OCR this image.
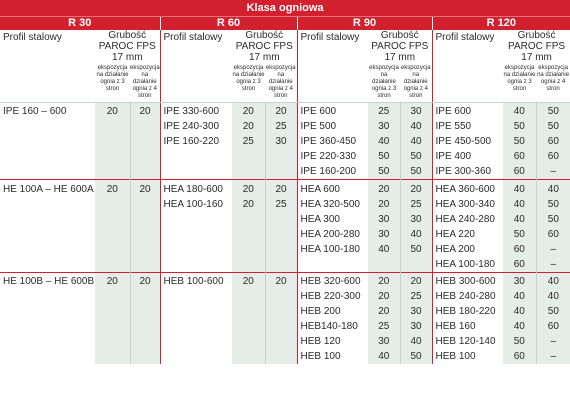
Klasa ogniowa											
R 30			R 60			R 90			R 120		
Profil stalowy	Grubość PAROC FPS 17 mm		Profil stalowy	Grubość PAROC FPS 17 mm		Profil stalowy	Grubość PAROC FPS 17 mm		Profil stalowy	Grubość PAROC FPS 17 mm	
	ekspozycja na działanie ognia z 3 stron	ekspozycja na działanie ognia z 4 stron		ekspozycja na działanie ognia z 3 stron	ekspozycja na działanie ognia z 4 stron		ekspozycja na działanie ognia z 3 stron	ekspozycja na działanie ognia z 4 stron		ekspozycja na działanie ognia z 3 stron	ekspozycja na działanie ognia z 4 stron

IPE 160 – 600	20	20	IPE 330-600	20	20	IPE 600	25	30	IPE 600	40	50
			IPE 240-300	20	25	IPE 500	30	40	IPE 550	50	50
			IPE 160-220	25	30	IPE 360-450	40	40	IPE 450-500	50	60
						IPE 220-330	50	50	IPE 400	60	60
						IPE 160-200	50	50	IPE 300-360	60	–

HE 100A – HE 600A	20	20	HEA 180-600	20	20	HEA 600	20	20	HEA 360-600	40	40
			HEA 100-160	20	25	HEA 320-500	20	25	HEA 300-340	40	50
						HEA 300	30	30	HEA 240-280	40	50
						HEA 200-280	30	40	HEA 220	50	60
						HEA 100-180	40	50	HEA 200	60	–
									HEA 100-180	60	–

HE 100B – HE 600B	20	20	HEB 100-600	20	20	HEB 320-600	20	20	HEB 300-600	30	40
						HEB 220-300	20	25	HEB 240-280	40	40
						HEB 200	20	30	HEB 180-220	40	50
						HEB140-180	25	30	HEB 160	40	60
						HEB 120	30	40	HEB 120-140	50	–
						HEB 100	40	50	HEB 100	60	–
